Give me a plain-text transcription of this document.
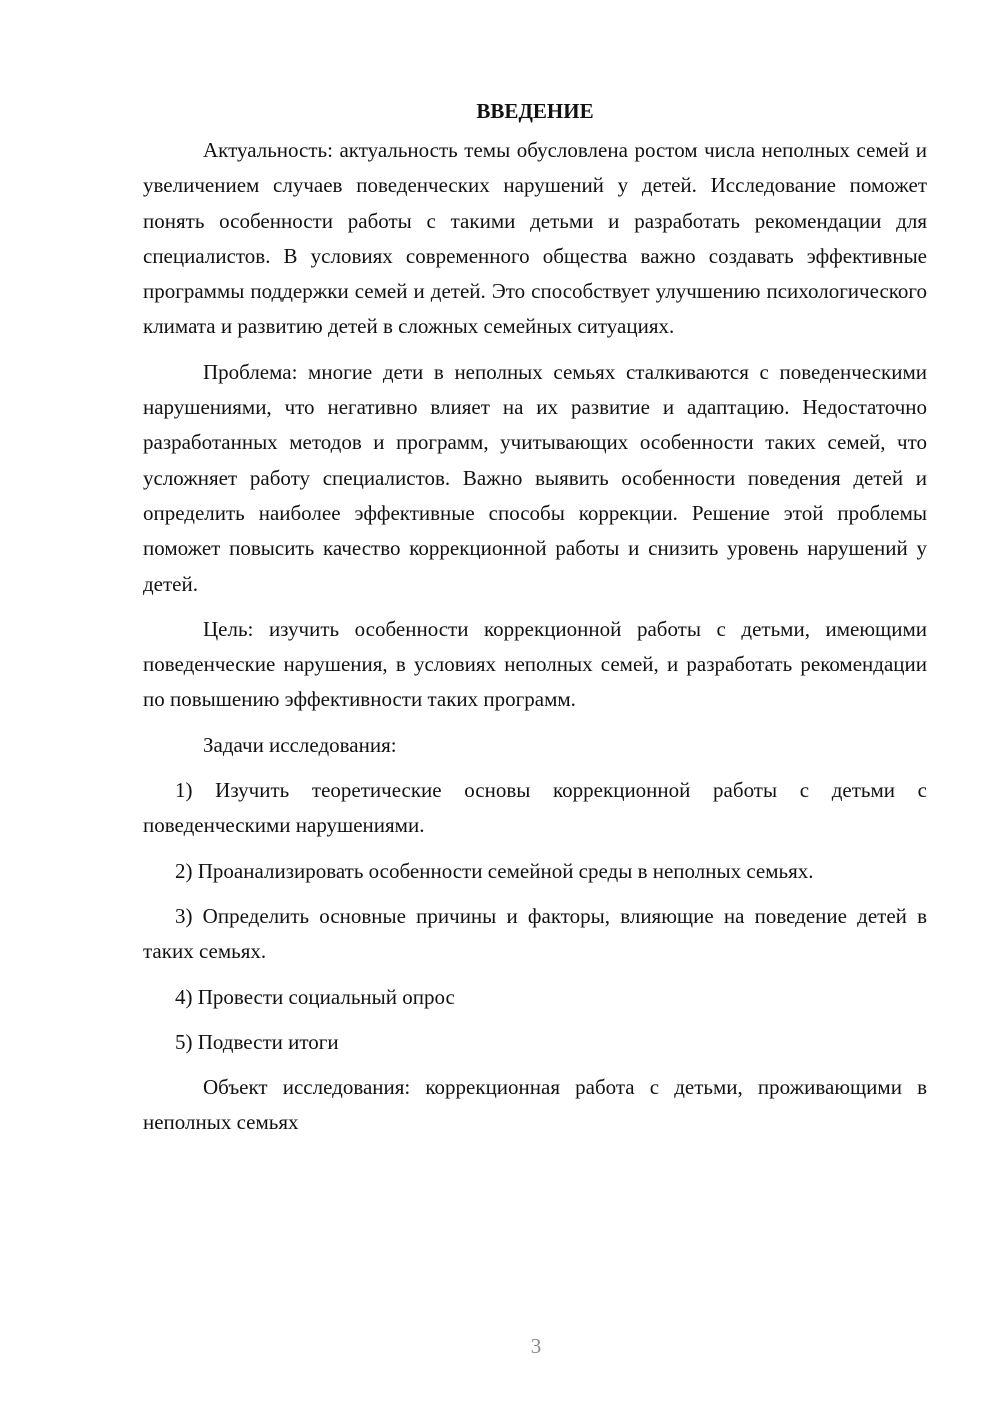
ВВЕДЕНИЕ

Актуальность: актуальность темы обусловлена ростом числа неполных семей и увеличением случаев поведенческих нарушений у детей. Исследование поможет понять особенности работы с такими детьми и разработать рекомендации для специалистов. В условиях современного общества важно создавать эффективные программы поддержки семей и детей. Это способствует улучшению психологического климата и развитию детей в сложных семейных ситуациях.

Проблема: многие дети в неполных семьях сталкиваются с поведенческими нарушениями, что негативно влияет на их развитие и адаптацию. Недостаточно разработанных методов и программ, учитывающих особенности таких семей, что усложняет работу специалистов. Важно выявить особенности поведения детей и определить наиболее эффективные способы коррекции. Решение этой проблемы поможет повысить качество коррекционной работы и снизить уровень нарушений у детей.

Цель: изучить особенности коррекционной работы с детьми, имеющими поведенческие нарушения, в условиях неполных семей, и разработать рекомендации по повышению эффективности таких программ.

Задачи исследования:

1) Изучить теоретические основы коррекционной работы с детьми с поведенческими нарушениями.

2) Проанализировать особенности семейной среды в неполных семьях.

3) Определить основные причины и факторы, влияющие на поведение детей в таких семьях.

4) Провести социальный опрос

5) Подвести итоги

Объект исследования: коррекционная работа с детьми, проживающими в неполных семьях

3
